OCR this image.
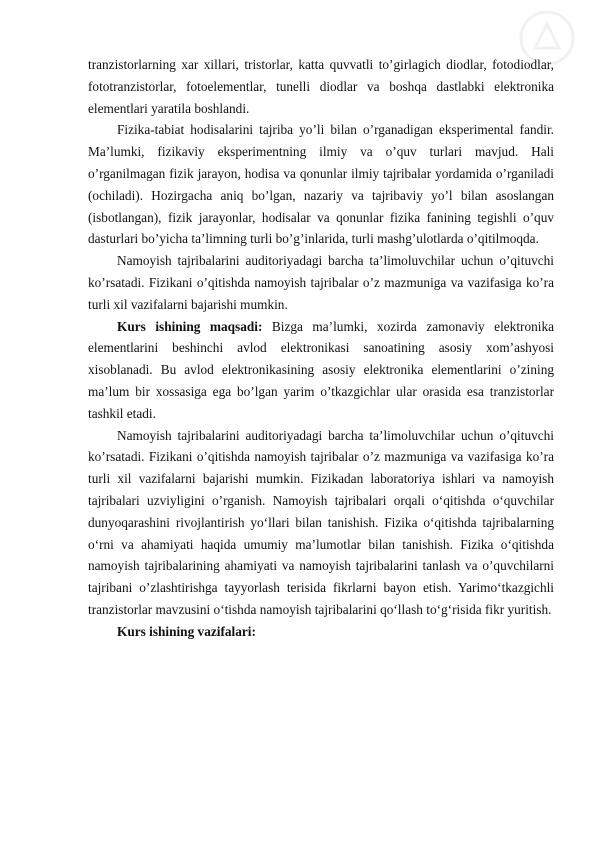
tranzistorlarning xar xillari, tristorlar, katta quvvatli to’girlagich diodlar, fotodiodlar, fototranzistorlar, fotoelementlar, tunelli diodlar va boshqa dastlabki elektronika elementlari yaratila boshlandi.

Fizika-tabiat hodisalarini tajriba yo’li bilan o’rganadigan eksperimental fandir. Ma’lumki, fizikaviy eksperimentning ilmiy va o’quv turlari mavjud. Hali o’rganilmagan fizik jarayon, hodisa va qonunlar ilmiy tajribalar yordamida o’rganiladi (ochiladi). Hozirgacha aniq bo’lgan, nazariy va tajribaviy yo’l bilan asoslangan (isbotlangan), fizik jarayonlar, hodisalar va qonunlar fizika fanining tegishli o’quv dasturlari bo’yicha ta’limning turli bo’g’inlarida, turli mashg’ulotlarda o’qitilmoqda.

Namoyish tajribalarini auditoriyadagi barcha ta’limoluvchilar uchun o’qituvchi ko’rsatadi. Fizikani o’qitishda namoyish tajribalar o’z mazmuniga va vazifasiga ko’ra turli xil vazifalarni bajarishi mumkin.

Kurs ishining maqsadi: Bizga ma’lumki, xozirda zamonaviy elektronika elementlarini beshinchi avlod elektronikasi sanoatining asosiy xom’ashyosi xisoblanadi. Bu avlod elektronikasining asosiy elektronika elementlarini o’zining ma’lum bir xossasiga ega bo’lgan yarim o’tkazgichlar ular orasida esa tranzistorlar tashkil etadi.

Namoyish tajribalarini auditoriyadagi barcha ta’limoluvchilar uchun o’qituvchi ko’rsatadi. Fizikani o’qitishda namoyish tajribalar o’z mazmuniga va vazifasiga ko’ra turli xil vazifalarni bajarishi mumkin. Fizikadan laboratoriya ishlari va namoyish tajribalari uzviyligini o’rganish. Namoyish tajribalari orqali o‘qitishda o‘quvchilar dunyoqarashini rivojlantirish yo‘llari bilan tanishish. Fizika o‘qitishda tajribalarning o‘rni va ahamiyati haqida umumiy ma’lumotlar bilan tanishish. Fizika o‘qitishda namoyish tajribalarining ahamiyati va namoyish tajribalarini tanlash va o’quvchilarni tajribani o’zlashtirishga tayyorlash terisida fikrlarni bayon etish. Yarimo‘tkazgichli tranzistorlar mavzusini o‘tishda namoyish tajribalarini qo‘llash to‘g‘risida fikr yuritish.

Kurs ishining vazifalari:
